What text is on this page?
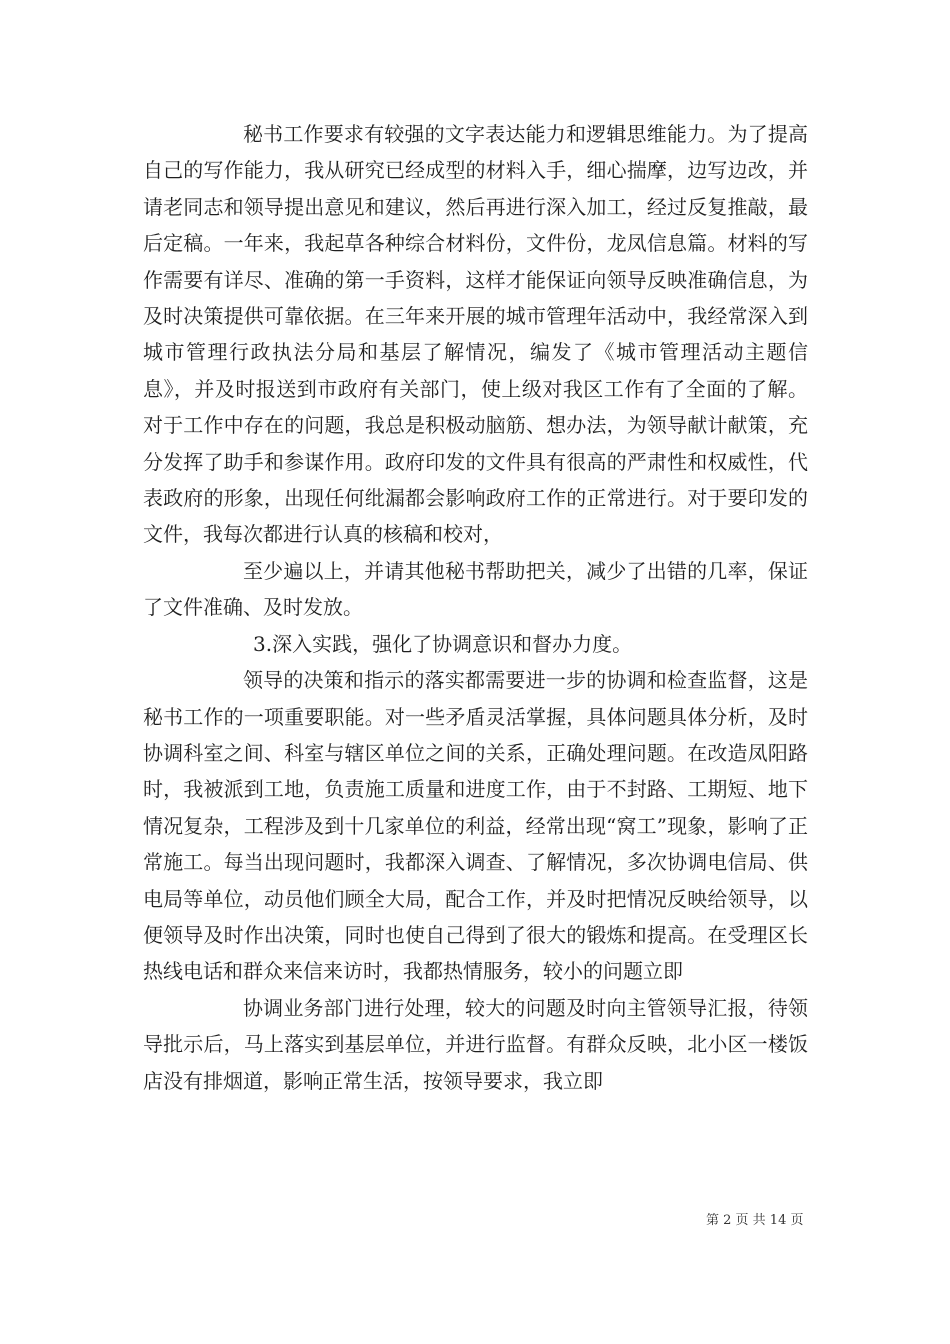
秘书工作要求有较强的文字表达能力和逻辑思维能力。为了提高自己的写作能力，我从研究已经成型的材料入手，细心揣摩，边写边改，并请老同志和领导提出意见和建议，然后再进行深入加工，经过反复推敲，最后定稿。一年来，我起草各种综合材料份，文件份，龙凤信息篇。材料的写作需要有详尽、准确的第一手资料，这样才能保证向领导反映准确信息，为及时决策提供可靠依据。在三年来开展的城市管理年活动中，我经常深入到城市管理行政执法分局和基层了解情况，编发了《城市管理活动主题信息》，并及时报送到市政府有关部门，使上级对我区工作有了全面的了解。对于工作中存在的问题，我总是积极动脑筋、想办法，为领导献计献策，充分发挥了助手和参谋作用。政府印发的文件具有很高的严肃性和权威性，代表政府的形象，出现任何纰漏都会影响政府工作的正常进行。对于要印发的文件，我每次都进行认真的核稿和校对，

至少遍以上，并请其他秘书帮助把关，减少了出错的几率，保证了文件准确、及时发放。

3.深入实践，强化了协调意识和督办力度。

领导的决策和指示的落实都需要进一步的协调和检查监督，这是秘书工作的一项重要职能。对一些矛盾灵活掌握，具体问题具体分析，及时协调科室之间、科室与辖区单位之间的关系，正确处理问题。在改造凤阳路时，我被派到工地，负责施工质量和进度工作，由于不封路、工期短、地下情况复杂，工程涉及到十几家单位的利益，经常出现“窝工”现象，影响了正常施工。每当出现问题时，我都深入调查、了解情况，多次协调电信局、供电局等单位，动员他们顾全大局，配合工作，并及时把情况反映给领导，以便领导及时作出决策，同时也使自己得到了很大的锻炼和提高。在受理区长热线电话和群众来信来访时，我都热情服务，较小的问题立即

协调业务部门进行处理，较大的问题及时向主管领导汇报，待领导批示后，马上落实到基层单位，并进行监督。有群众反映，北小区一楼饭店没有排烟道，影响正常生活，按领导要求，我立即

第 2 页 共 14 页
